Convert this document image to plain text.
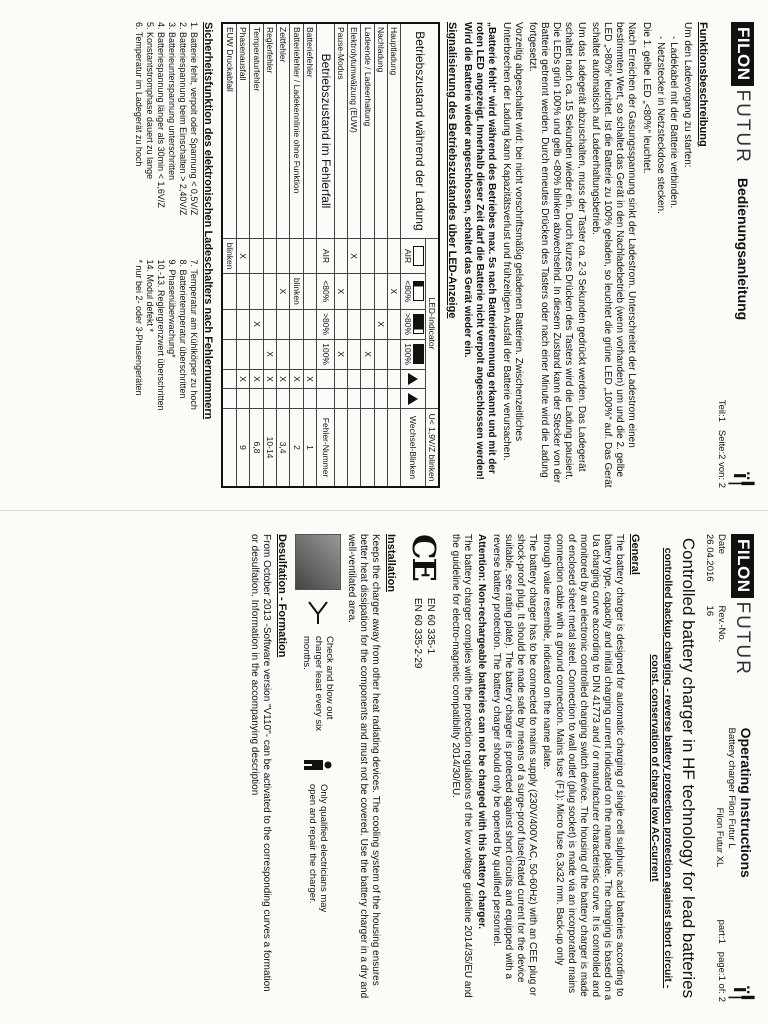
FILON
FUTUR
Date
26.04.2016
Rev.-No.
16
Operating Instructions
Battery charger Filon Futur L
Filon Futur XL
ï╿
part:1   page:1 of: 2
Controlled battery charger in HF technology for lead batteries
controlled backup charging - reverse battery protection protection against short circuit - const. conservation of charge low AC-current
General

The battery charger is designed for automatic charging of single cell sulphuric acid batteries according to battery type, capacity and initial charging current indicated on the name plate. The charging is based on a Ua charging curve according to DIN 41773 and / or manufacturer characteristic curve. It is controlled and monitored by an electronic controlled charging switch device. The housing of the battery charger is made of enclosed sheet metal steel. Connection to wall outlet (plug socket) is made via an incorporated mains connection cable with a ground connection. Mains fuse (F1): Micro fuse 6,3x32 mm. Back-up only through value resemble, indicated on the name plate.

The battery charger has to be connected to mains supply (230V/400V AC, 50-60Hz) with an CEE plug or shock-proof plug. It should be made safe by means of a surge-proof fuse(Rated current for the device suitable, see rating plate). The battery charger is protected against short circuits and equipped with a reverse battery protection. The battery charger should only be opened by qualified personnel.

Attention: Non-rechargeable batteries can not be charged with this battery charger.

The battery charger complies with the protection regulations of the low voltage guideline 2014/35/EU and the guideline for electro-magnetic compatibility 2014/30/EU.

CE
EN 60 335-1
EN 60 335-2-29
Installation

Keeps the charger away from other heat radiating devices. The cooling system of the housing ensures better heat dissipation for the components and must not be covered. Use the battery charger in a dry and well-ventilated area.

Check and blow out charger least every six months.
Only qualified electricians may open and repair the charger.
Desulfation - Formation

From October 2013 -Software version "V110"- can be activated to the corresponding curves a formation or desulfation. Information in the accompanying description

FILON
FUTUR
Bedienungsanleitung
ï╿
Teil:1   Seite:2 von: 2
Funktionsbeschreibung

Um den Ladevorgang zu starten:

- Ladekabel mit der Batterie verbinden.
- Netzstecker in Netzsteckdose stecken.

Die 1. gelbe LED „<80%“ leuchtet.

Nach Erreichen der Gasungsspannung sinkt der Ladestrom. Unterschreitet der Ladestrom einen bestimmten Wert, so schaltet das Gerät in den Nachladebetrieb (wenn vorhanden) um und die 2. gelbe LED „>80%“ leuchtet. Ist die Batterie zu 100% geladen, so leuchtet die grüne LED „100%“ auf. Das Gerät schaltet automatisch auf Ladeerhaltungsbetrieb.

Um das Ladegerät abzuschalten, muss der Taster ca. 2-3 Sekunden gedrückt werden. Das Ladegerät schaltet nach ca. 15 Sekunden wieder ein. Durch kurzes Drücken des Tasters wird die Ladung pausiert. Die LEDs grün 100% und gelb <80% blinken abwechselnd. In diesem Zustand kann der Stecker von der Batterie getrennt werden. Durch erneutes Drücken des Tasters oder nach einer Minute wird die Ladung fortgesetzt.

Vorzeitig abgeschaltet wird: bei nicht vorschriftsmäßig geladenen Batterien. Zwischenzeitliches Unterbrechen der Ladung kann Kapazitätsverlust und frühzeitigen Ausfall der Batterie verursachen.

„Batterie fehlt“ wird während des Betriebes max. 5s nach Batterietrennung erkannt und mit der roten LED angezeigt. Innerhalb dieser Zeit darf die Batterie nicht verpolt angeschlossen werden! Wird die Batterie wieder angeschlossen, schaltet das Gerät wieder ein.

Signalisierung des Betriebszustandes über LED-Anzeige
Betriebszustand während der Ladung	LED-Indicator						U< 1,9V/Z blinken

AIR	<80%	>80%	100%			Wechsel-Blinken
Hauptladung		X					
Nachladung			X				
Ladeende / Ladeerhaltung				X			
Elektrolytumwälzung (EUW)	X						
Pause-Modus		X		X			
Betriebszustand im Fehlerfall	AIR	<80%	>80%	100%			Fehler-Nummer
Batteriefehler					X		1
Batteriefehler / Ladekennlinie ohne Funktion		blinken			X		2
Zeitfehler		X			X		3,4
Reglerfehler				X	X		10-14
Temperaturfehler			X		X		6,8
Phasenausfall	X				X		9
EUW Druckabfall	blinken						
Sicherheitsfunktion des elektronischen Ladeschalters nach Fehlernummern
1. Batterie fehlt, verpolt oder Spannung < 0,5V/Z
2. Batteriespannung beim Einschalten > 2,40V/Z
3. Batterieunterspannung unterschritten
4. Batteriespannung länger als 30min < 1,6V/Z
5. Konstantstromphase dauert zu lange
6. Temperatur im Ladegerät zu hoch
7. Temperatur am Kühlkörper zu hoch
8. Batterietemperatur überschritten
9. Phasenüberwachung*
10.-13. Reglergrenzwert überschritten
14. Modul defekt *
* nur bei 2- oder 3-Phasengeräten
